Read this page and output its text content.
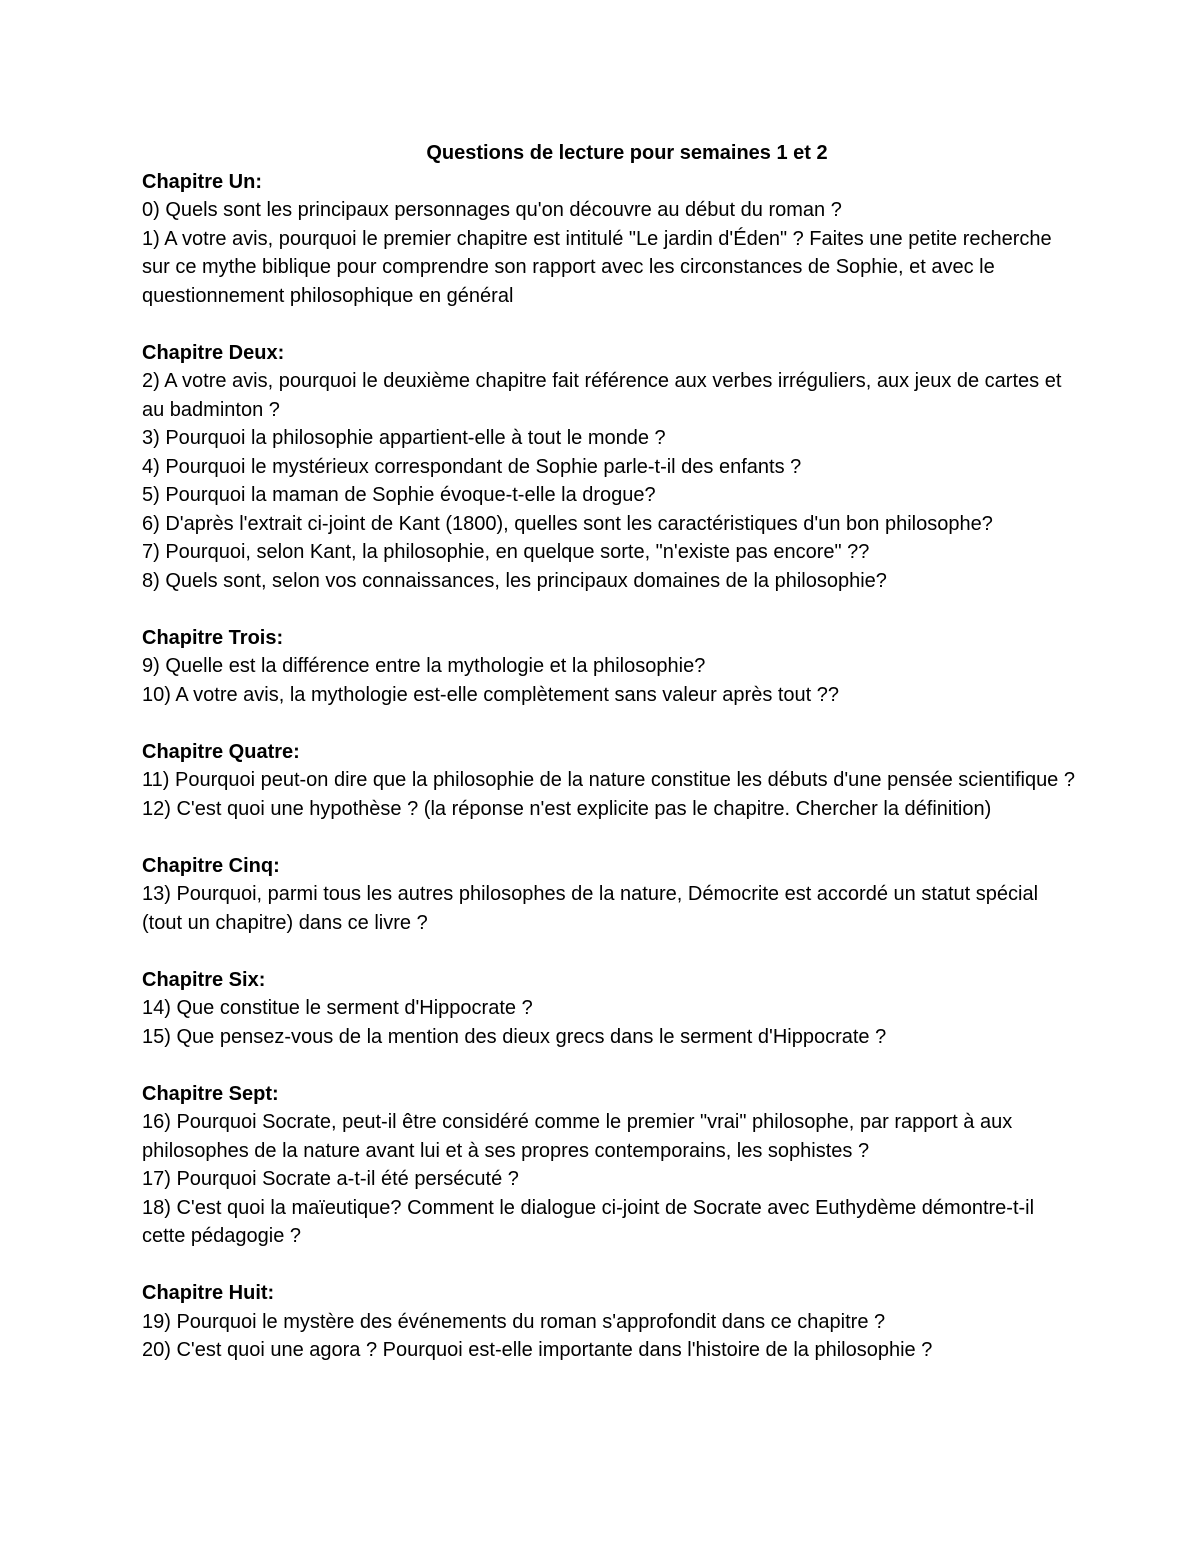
Questions de lecture pour semaines 1 et 2

Chapitre Un:

0) Quels sont les principaux personnages qu'on découvre au début du roman ?

1) A votre avis, pourquoi le premier chapitre est intitulé "Le jardin d'Éden" ? Faites une petite recherche sur ce mythe biblique pour comprendre son rapport avec les circonstances de Sophie, et avec le questionnement philosophique en général

Chapitre Deux:

2) A votre avis, pourquoi le deuxième chapitre fait référence aux verbes irréguliers, aux jeux de cartes et au badminton ?

3) Pourquoi la philosophie appartient-elle à tout le monde ?

4) Pourquoi le mystérieux correspondant de Sophie parle-t-il des enfants ?

5) Pourquoi la maman de Sophie évoque-t-elle la drogue?

6) D'après l'extrait ci-joint de Kant (1800), quelles sont les caractéristiques d'un bon philosophe?

7) Pourquoi, selon Kant, la philosophie, en quelque sorte, "n'existe pas encore" ??

8) Quels sont, selon vos connaissances, les principaux domaines de la philosophie?

Chapitre Trois:

9) Quelle est la différence entre la mythologie et la philosophie?

10) A votre avis, la mythologie est-elle complètement sans valeur après tout ??

Chapitre Quatre:

11) Pourquoi peut-on dire que la philosophie de la nature constitue les débuts d'une pensée scientifique ?

12) C'est quoi une hypothèse ? (la réponse n'est explicite pas le chapitre. Chercher la définition)

Chapitre Cinq:

13) Pourquoi, parmi tous les autres philosophes de la nature, Démocrite est accordé un statut spécial (tout un chapitre) dans ce livre ?

Chapitre Six:

14) Que constitue le serment d'Hippocrate ?

15) Que pensez-vous de la mention des dieux grecs dans le serment d'Hippocrate ?

Chapitre Sept:

16) Pourquoi Socrate, peut-il être considéré comme le premier "vrai" philosophe, par rapport à aux philosophes de la nature avant lui et à ses propres contemporains, les sophistes ?

17) Pourquoi Socrate a-t-il été persécuté ?

18) C'est quoi la maïeutique? Comment le dialogue ci-joint de Socrate avec Euthydème démontre-t-il cette pédagogie ?

Chapitre Huit:

19) Pourquoi le mystère des événements du roman s'approfondit dans ce chapitre ?

20) C'est quoi une agora ? Pourquoi est-elle importante dans l'histoire de la philosophie ?
